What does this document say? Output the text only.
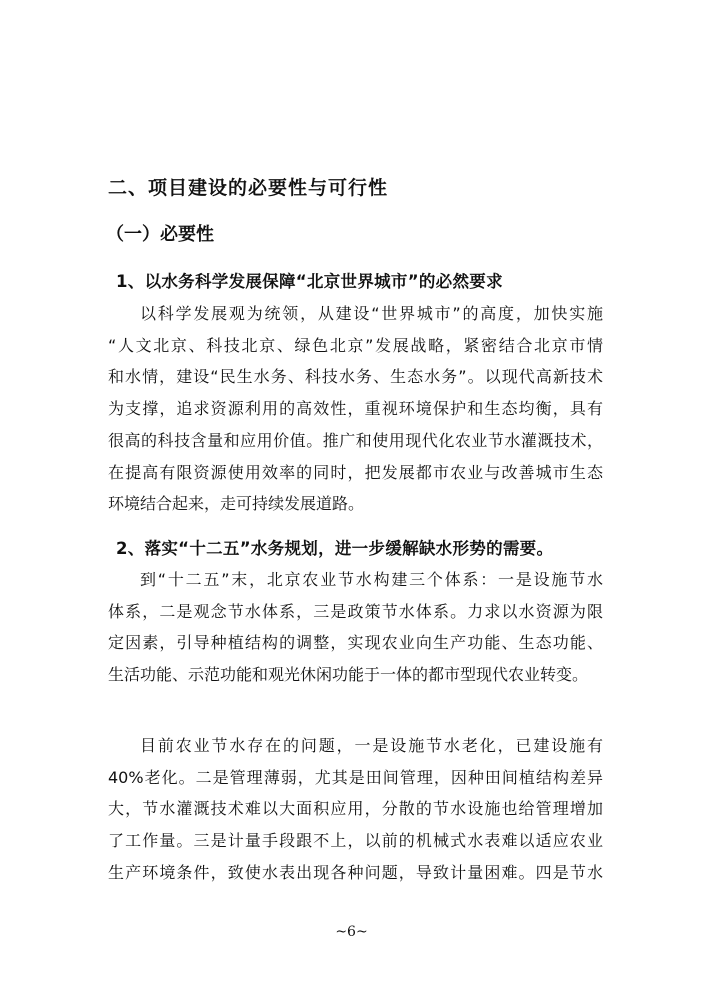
二、项目建设的必要性与可行性
（一）必要性
1、以水务科学发展保障“北京世界城市”的必然要求
以科学发展观为统领，从建设“世界城市”的高度，加快实施
“人文北京、科技北京、绿色北京”发展战略，紧密结合北京市情
和水情，建设“民生水务、科技水务、生态水务”。以现代高新技术
为支撑，追求资源利用的高效性，重视环境保护和生态均衡，具有
很高的科技含量和应用价值。推广和使用现代化农业节水灌溉技术，
在提高有限资源使用效率的同时，把发展都市农业与改善城市生态
环境结合起来，走可持续发展道路。
2、落实“十二五”水务规划，进一步缓解缺水形势的需要。
到“十二五”末，北京农业节水构建三个体系：一是设施节水
体系，二是观念节水体系，三是政策节水体系。力求以水资源为限
定因素，引导种植结构的调整，实现农业向生产功能、生态功能、
生活功能、示范功能和观光休闲功能于一体的都市型现代农业转变。
目前农业节水存在的问题，一是设施节水老化，已建设施有
40%老化。二是管理薄弱，尤其是田间管理，因种田间植结构差异
大，节水灌溉技术难以大面积应用，分散的节水设施也给管理增加
了工作量。三是计量手段跟不上，以前的机械式水表难以适应农业
生产环境条件，致使水表出现各种问题，导致计量困难。四是节水
~6~
